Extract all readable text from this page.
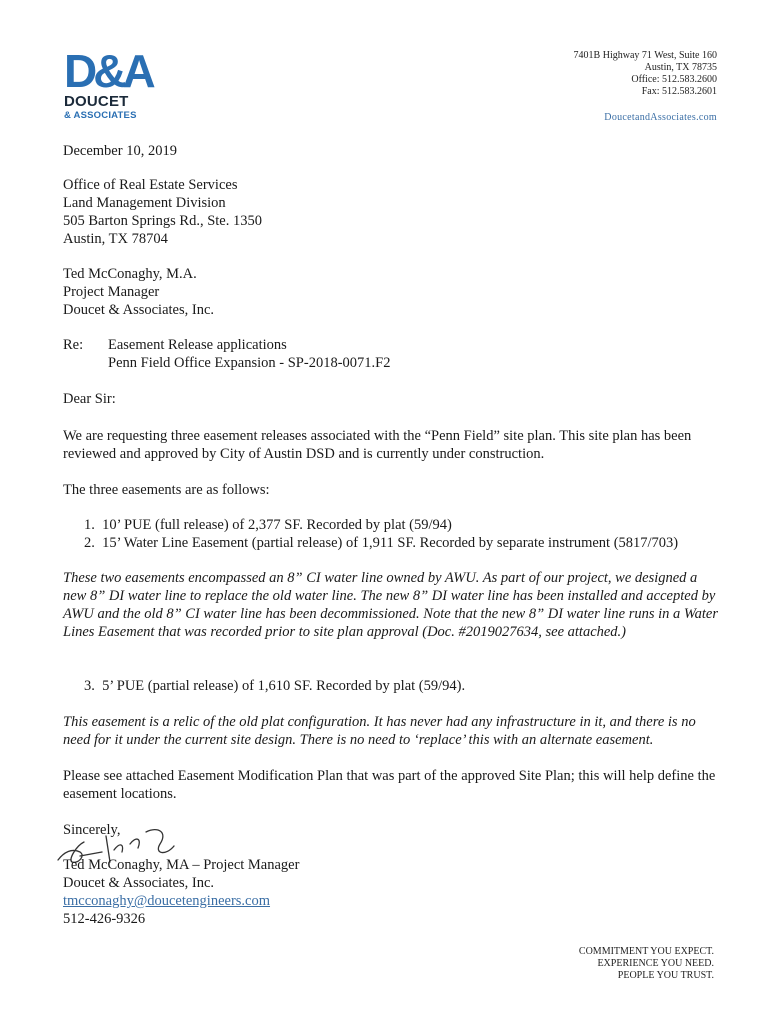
D&A
DOUCET
& ASSOCIATES
7401B Highway 71 West, Suite 160
Austin, TX 78735
Office: 512.583.2600
Fax: 512.583.2601
DoucetandAssociates.com
December 10, 2019
Office of Real Estate Services
Land Management Division
505 Barton Springs Rd., Ste. 1350
Austin, TX 78704
Ted McConaghy, M.A.
Project Manager
Doucet & Associates, Inc.
Re: Easement Release applications
Penn Field Office Expansion - SP-2018-0071.F2
Dear Sir:
We are requesting three easement releases associated with the “Penn Field” site plan. This site plan has been reviewed and approved by City of Austin DSD and is currently under construction.
The three easements are as follows:
1. 10’ PUE (full release) of 2,377 SF. Recorded by plat (59/94)
2. 15’ Water Line Easement (partial release) of 1,911 SF. Recorded by separate instrument (5817/703)
These two easements encompassed an 8” CI water line owned by AWU. As part of our project, we designed a new 8” DI water line to replace the old water line. The new 8” DI water line has been installed and accepted by AWU and the old 8” CI water line has been decommissioned. Note that the new 8” DI water line runs in a Water Lines Easement that was recorded prior to site plan approval (Doc. #2019027634, see attached.)
3. 5’ PUE (partial release) of 1,610 SF. Recorded by plat (59/94).
This easement is a relic of the old plat configuration. It has never had any infrastructure in it, and there is no need for it under the current site design. There is no need to ‘replace’ this with an alternate easement.
Please see attached Easement Modification Plan that was part of the approved Site Plan; this will help define the easement locations.
Sincerely,
Ted McConaghy, MA – Project Manager
Doucet & Associates, Inc.
tmcconaghy@doucetengineers.com
512-426-9326
COMMITMENT YOU EXPECT.
EXPERIENCE YOU NEED.
PEOPLE YOU TRUST.
